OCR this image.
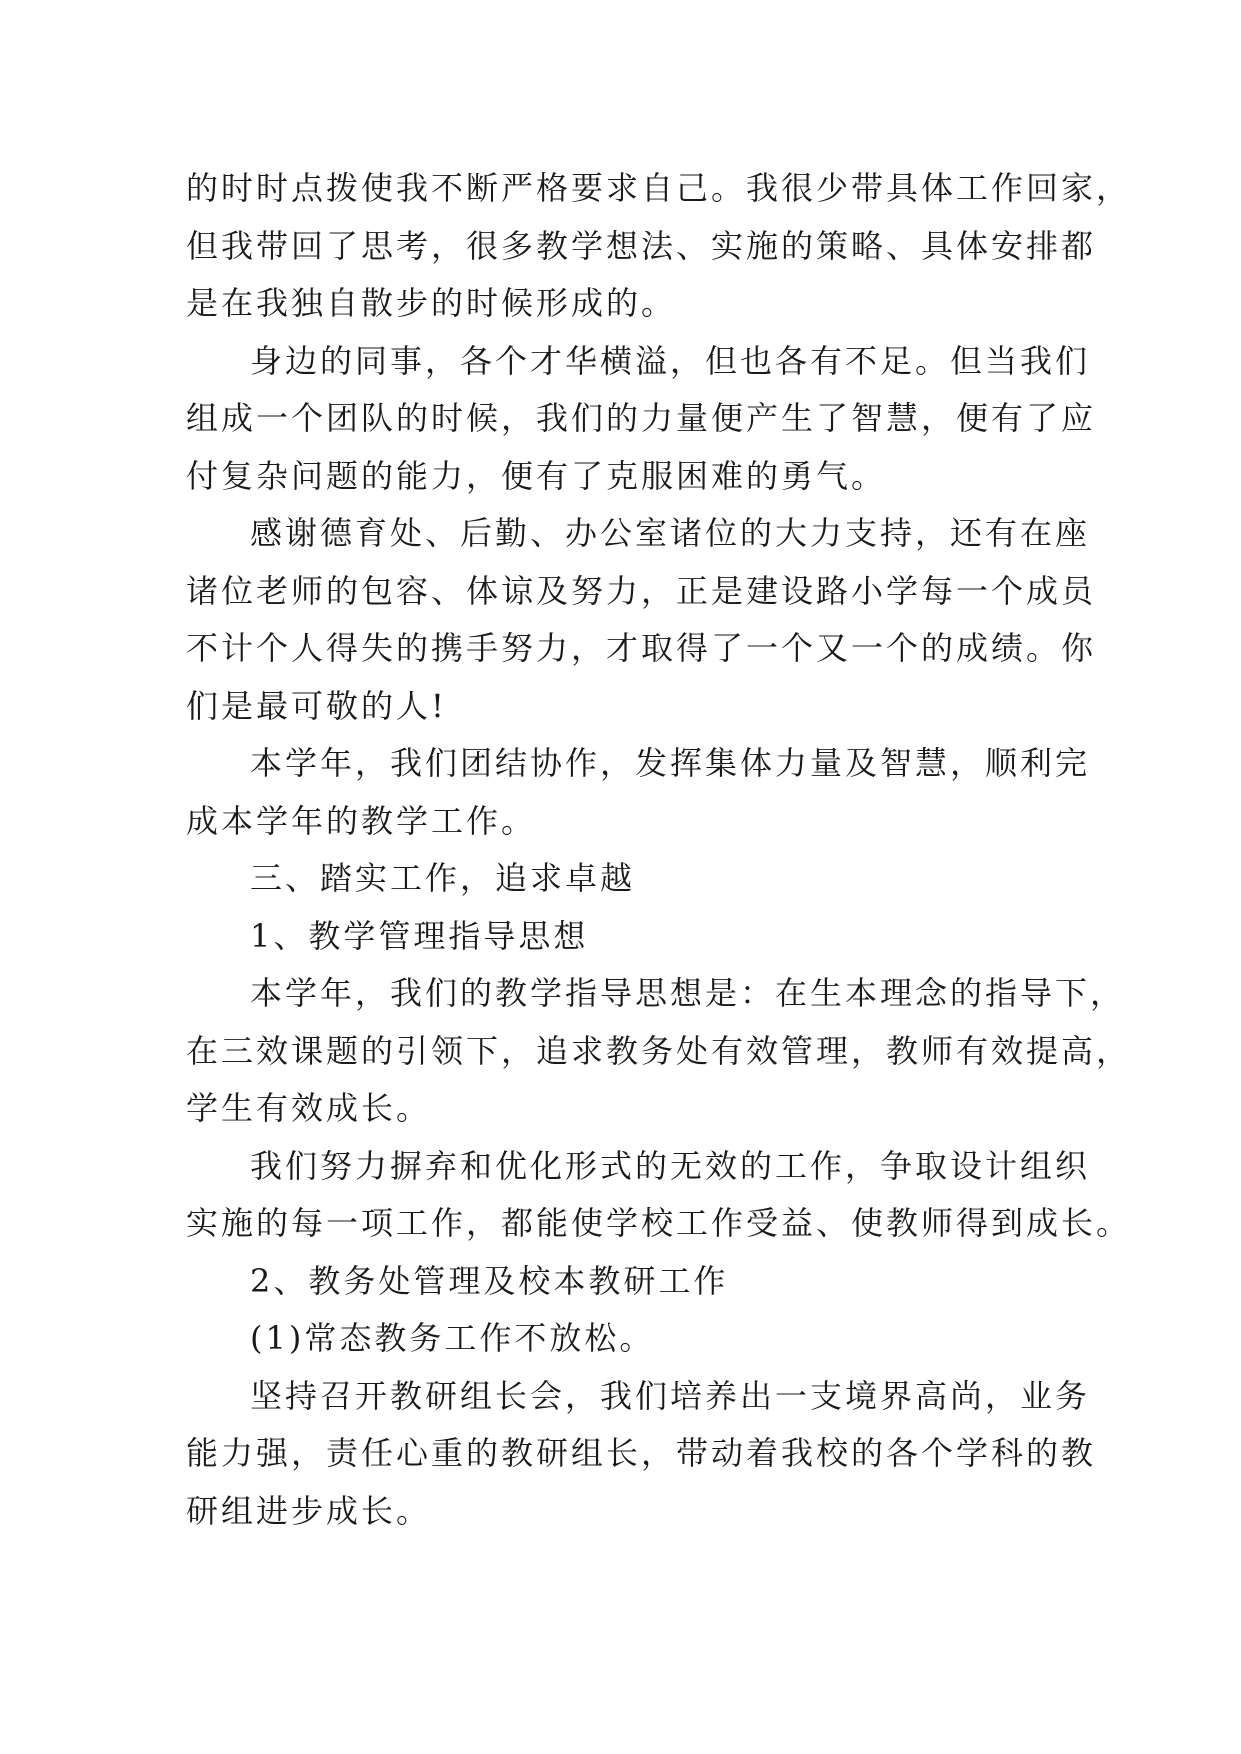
的时时点拨使我不断严格要求自己。我很少带具体工作回家，
但我带回了思考，很多教学想法、实施的策略、具体安排都
是在我独自散步的时候形成的。
身边的同事，各个才华横溢，但也各有不足。但当我们
组成一个团队的时候，我们的力量便产生了智慧，便有了应
付复杂问题的能力，便有了克服困难的勇气。
感谢德育处、后勤、办公室诸位的大力支持，还有在座
诸位老师的包容、体谅及努力，正是建设路小学每一个成员
不计个人得失的携手努力，才取得了一个又一个的成绩。你
们是最可敬的人!
本学年，我们团结协作，发挥集体力量及智慧，顺利完
成本学年的教学工作。
三、踏实工作，追求卓越
1、教学管理指导思想
本学年，我们的教学指导思想是：在生本理念的指导下，
在三效课题的引领下，追求教务处有效管理，教师有效提高，
学生有效成长。
我们努力摒弃和优化形式的无效的工作，争取设计组织
实施的每一项工作，都能使学校工作受益、使教师得到成长。
2、教务处管理及校本教研工作
(1)常态教务工作不放松。
坚持召开教研组长会，我们培养出一支境界高尚，业务
能力强，责任心重的教研组长，带动着我校的各个学科的教
研组进步成长。
